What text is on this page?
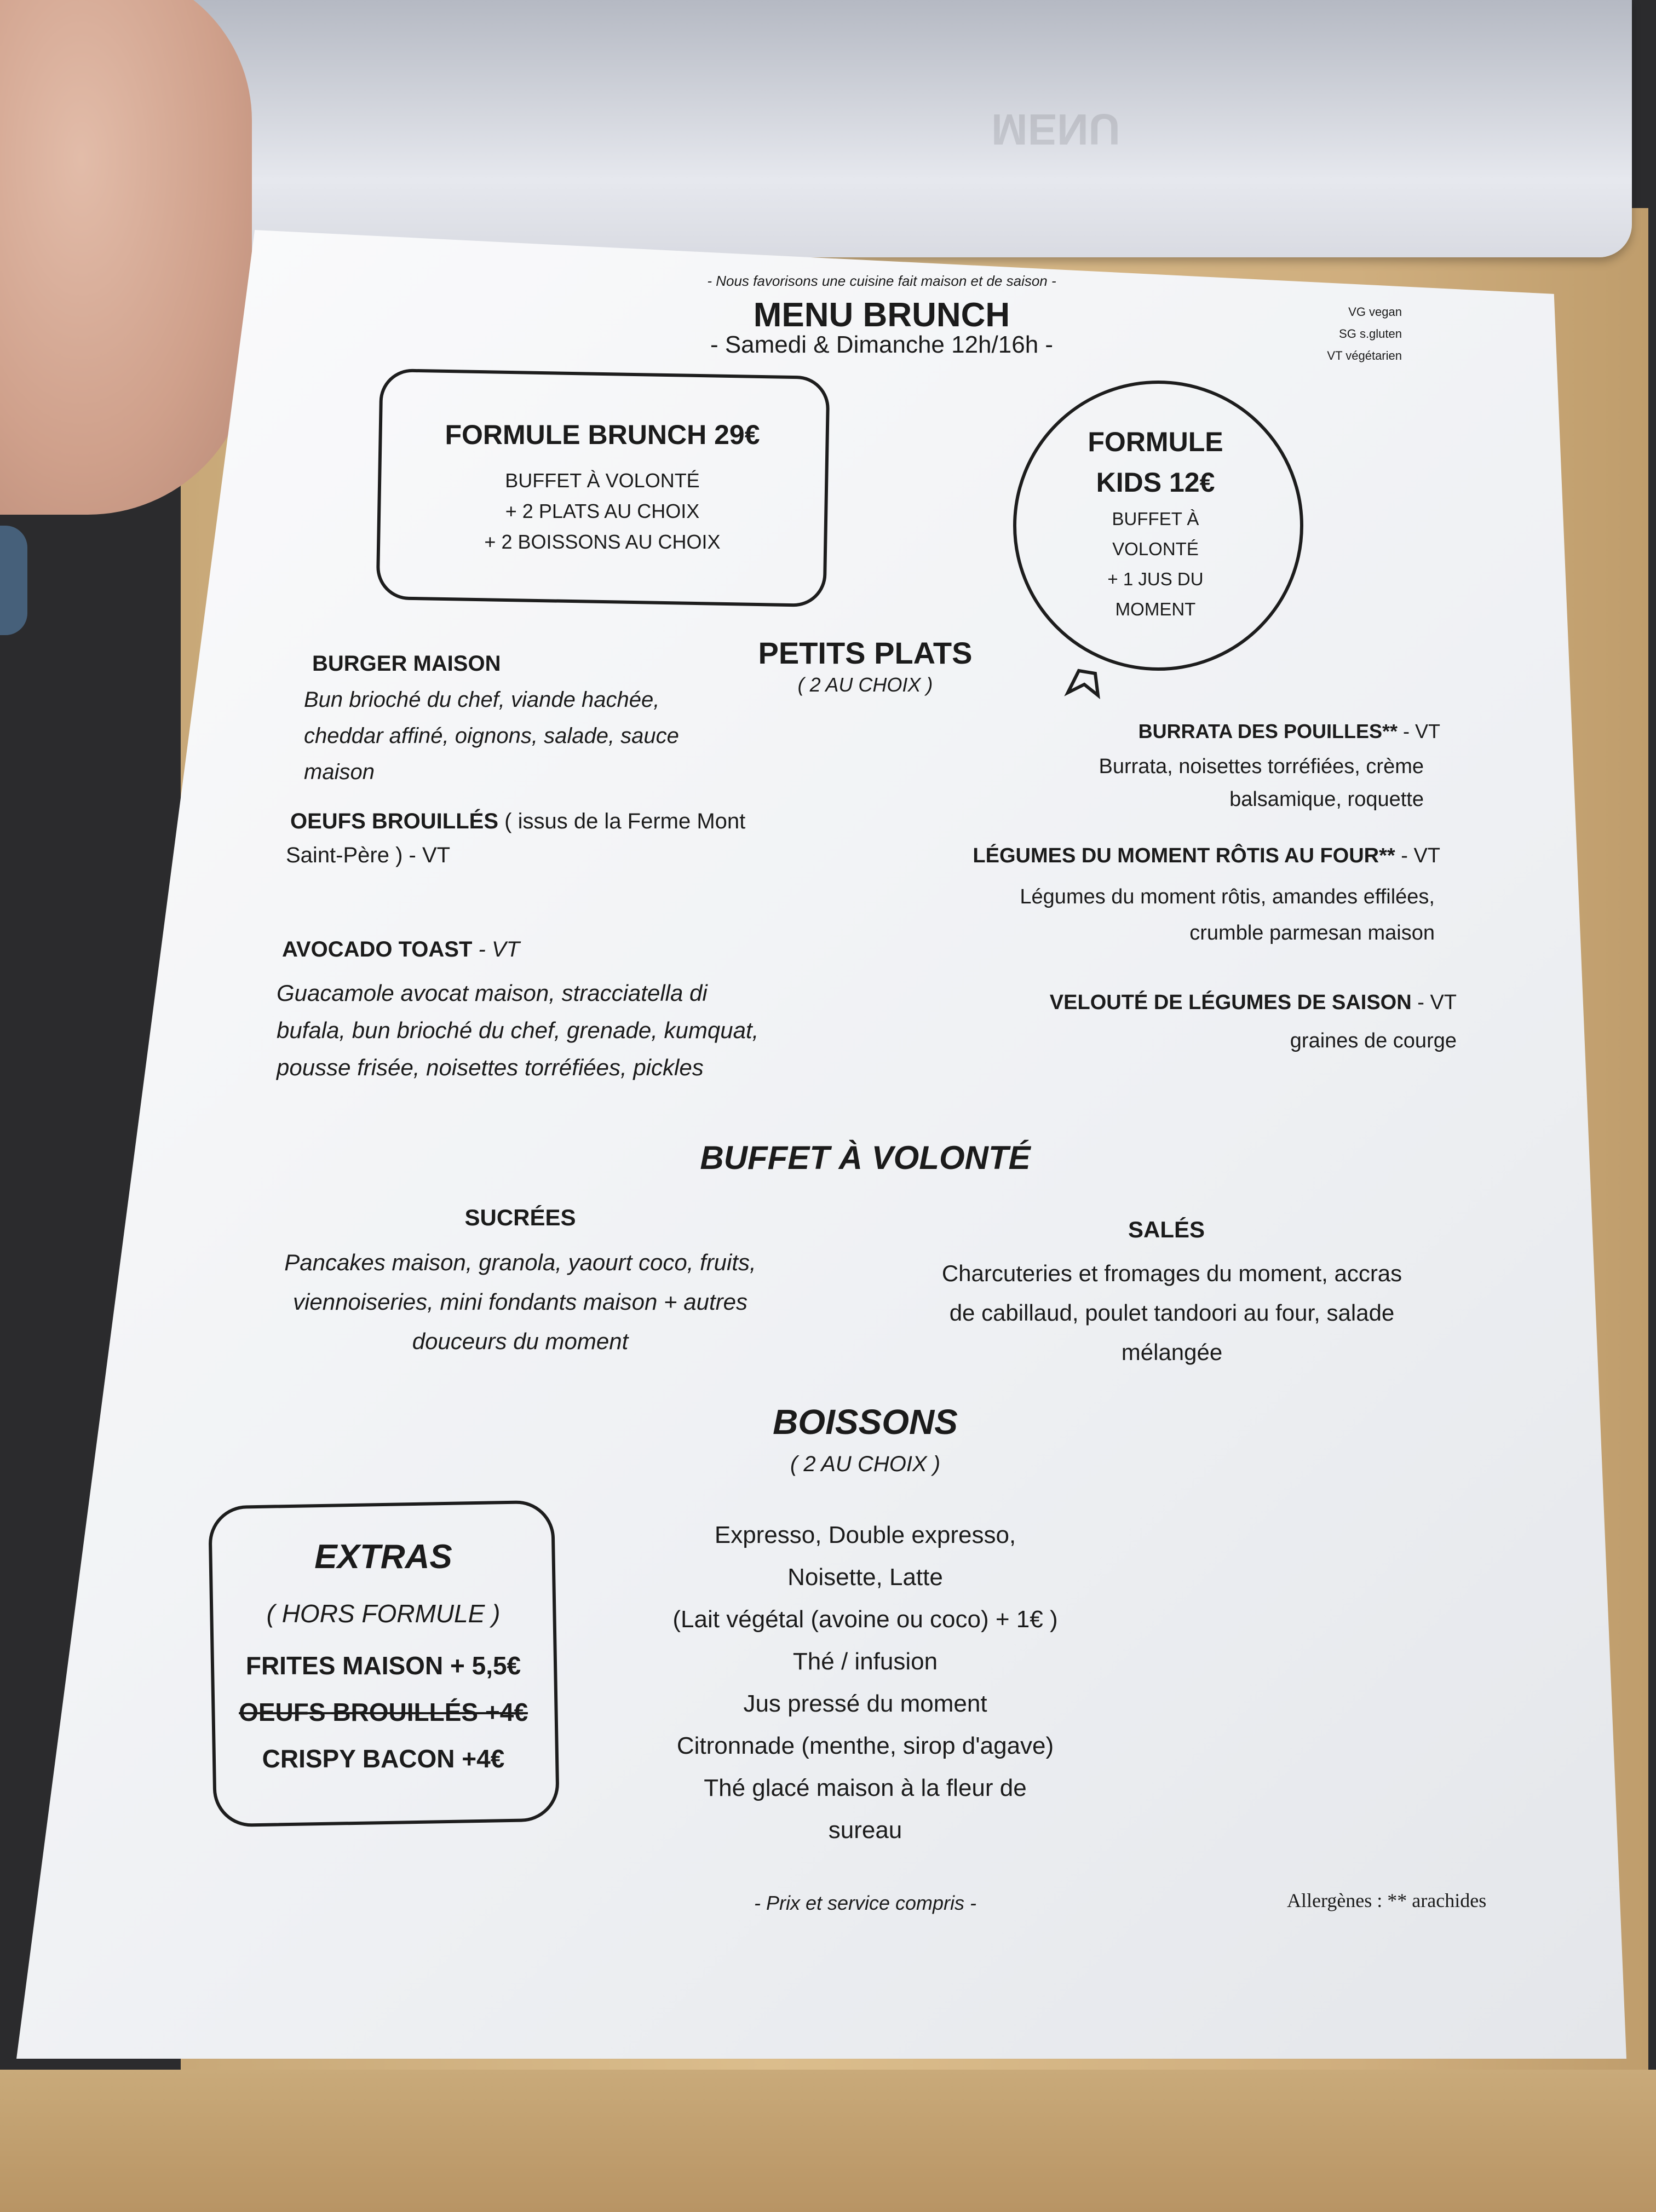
MENU
- Nous favorisons une cuisine fait maison et de saison -
MENU BRUNCH
- Samedi & Dimanche 12h/16h -
VG vegan
SG s.gluten
VT végétarien
FORMULE BRUNCH 29€
BUFFET À VOLONTÉ
+ 2 PLATS AU CHOIX
+ 2 BOISSONS AU CHOIX
FORMULE
KIDS 12€
BUFFET À
VOLONTÉ
+ 1 JUS DU
MOMENT
PETITS PLATS
( 2 AU CHOIX )
BURGER MAISON
Bun brioché du chef, viande hachée,
cheddar affiné, oignons, salade, sauce
maison
OEUFS BROUILLÉS ( issus de la Ferme Mont
Saint-Père ) - VT
AVOCADO TOAST - VT
Guacamole avocat maison, stracciatella di
bufala, bun brioché du chef, grenade, kumquat,
pousse frisée, noisettes torréfiées, pickles
BURRATA DES POUILLES** - VT
Burrata, noisettes torréfiées, crème
balsamique, roquette
LÉGUMES DU MOMENT RÔTIS AU FOUR** - VT
Légumes du moment rôtis, amandes effilées,
crumble parmesan maison
VELOUTÉ DE LÉGUMES DE SAISON - VT
graines de courge
BUFFET À VOLONTÉ
SUCRÉES
Pancakes maison, granola, yaourt coco, fruits,
viennoiseries, mini fondants maison + autres
douceurs du moment
SALÉS
Charcuteries et fromages du moment, accras
de cabillaud, poulet tandoori au four, salade
mélangée
BOISSONS
( 2 AU CHOIX )
Expresso, Double expresso,
Noisette, Latte
(Lait végétal (avoine ou coco) + 1€ )
Thé / infusion
Jus pressé du moment
Citronnade (menthe, sirop d'agave)
Thé glacé maison à la fleur de
sureau
EXTRAS
( HORS FORMULE )
FRITES MAISON + 5,5€
OEUFS BROUILLÉS +4€
CRISPY BACON +4€
- Prix et service compris -	Allergènes : ** arachides
